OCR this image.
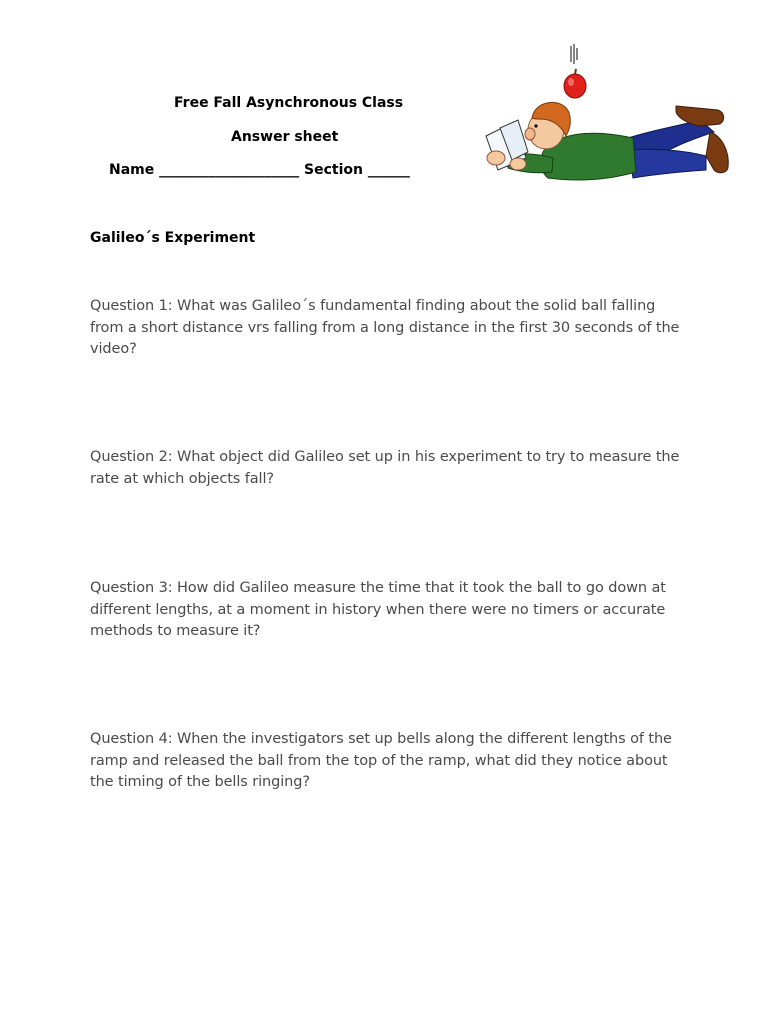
Free Fall Asynchronous Class
Answer sheet
Name ____________________ Section ______
Galileo´s Experiment
Question 1: What was Galileo´s fundamental finding about the solid ball falling from a short distance vrs falling from a long distance in the first 30 seconds of the video?
Question 2: What object did Galileo set up in his experiment to try to measure the rate at which objects fall?
Question 3: How did Galileo measure the time that it took the ball to go down at different lengths, at a moment in history when there were no timers or accurate methods to measure it?
Question 4: When the investigators set up bells along the different lengths of the ramp and released the ball from the top of the ramp, what did they notice about the timing of the bells ringing?
